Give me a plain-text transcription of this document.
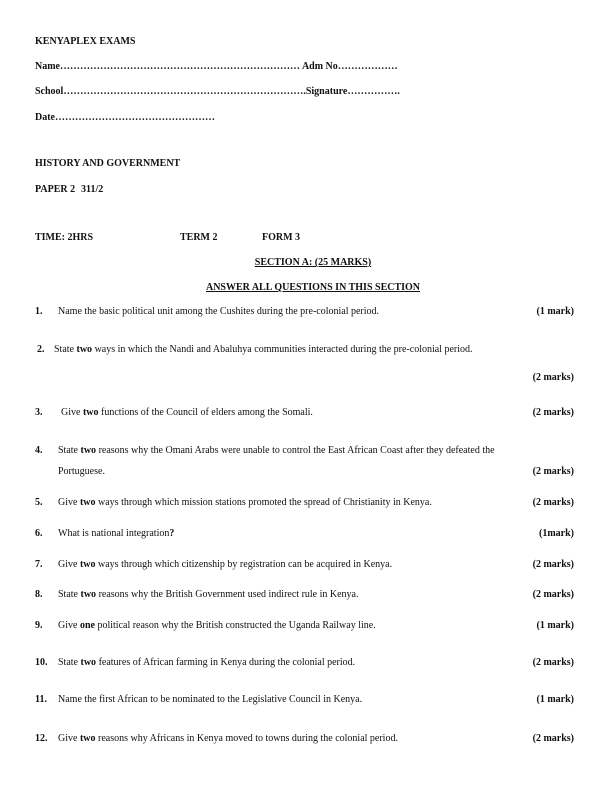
KENYAPLEX EXAMS
Name……………………………………………………………… Adm No………………
School……………………………………………………………….Signature…………….
Date…………………………………………
HISTORY AND GOVERNMENT
PAPER 2 311/2
TIME: 2HRS	TERM 2	FORM 3
SECTION A: (25 MARKS)
ANSWER ALL QUESTIONS IN THIS SECTION
1. Name the basic political unit among the Cushites during the pre-colonial period.	(1 mark)
2. State two ways in which the Nandi and Abaluhya communities interacted during the pre-colonial period.
(2 marks)
3. Give two functions of the Council of elders among the Somali.	(2 marks)
4. State two reasons why the Omani Arabs were unable to control the East African Coast after they defeated the
Portuguese.	(2 marks)
5. Give two ways through which mission stations promoted the spread of Christianity in Kenya.	(2 marks)
6. What is national integration?	(1mark)
7. Give two ways through which citizenship by registration can be acquired in Kenya.	(2 marks)
8. State two reasons why the British Government used indirect rule in Kenya.	(2 marks)
9. Give one political reason why the British constructed the Uganda Railway line.	(1 mark)
10. State two features of African farming in Kenya during the colonial period.	(2 marks)
11. Name the first African to be nominated to the Legislative Council in Kenya.	(1 mark)
12. Give two reasons why Africans in Kenya moved to towns during the colonial period.	(2 marks)
